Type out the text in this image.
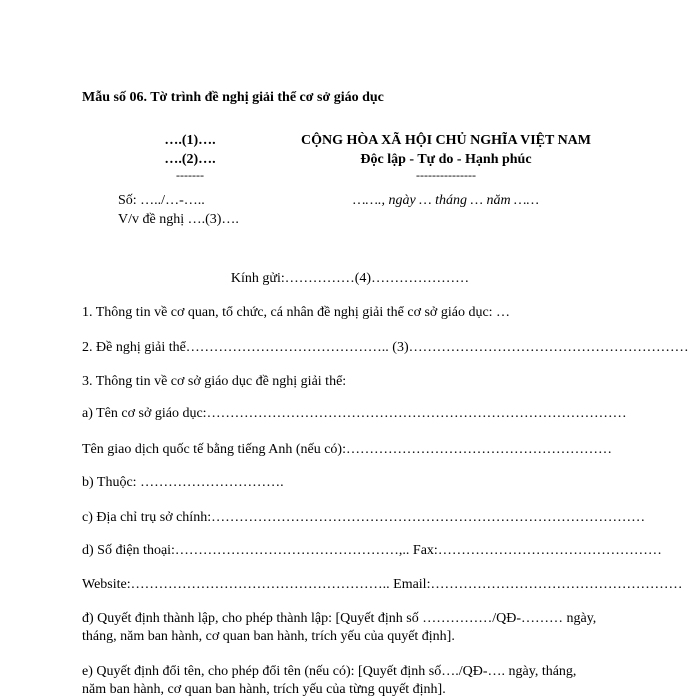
Mẫu số 06. Tờ trình đề nghị giải thể cơ sở giáo dục
….(1)….
….(2)….
-------
Số: …../…-…..
V/v đề nghị ….(3)….
CỘNG HÒA XÃ HỘI CHỦ NGHĨA VIỆT NAM
Độc lập - Tự do - Hạnh phúc
---------------
……., ngày … tháng … năm ……
Kính gửi:……………(4)…………………
1. Thông tin về cơ quan, tổ chức, cá nhân đề nghị giải thể cơ sở giáo dục: …
2. Đề nghị giải thể…………………………………….. (3)……………………………………………………
3. Thông tin về cơ sở giáo dục đề nghị giải thể:
a) Tên cơ sở giáo dục:………………………………………………………………………………
Tên giao dịch quốc tế bằng tiếng Anh (nếu có):…………………………………………………
b) Thuộc: ………………………….
c) Địa chỉ trụ sở chính:…………………………………………………………………………………
d) Số điện thoại:…………………………………………,.. Fax:…………………………………………
Website:……………………………………………….. Email:………………………………………………
đ) Quyết định thành lập, cho phép thành lập: [Quyết định số ……………/QĐ-……… ngày,
tháng, năm ban hành, cơ quan ban hành, trích yếu của quyết định].
e) Quyết định đổi tên, cho phép đổi tên (nếu có): [Quyết định số…./QĐ-…. ngày, tháng,
năm ban hành, cơ quan ban hành, trích yếu của từng quyết định].
